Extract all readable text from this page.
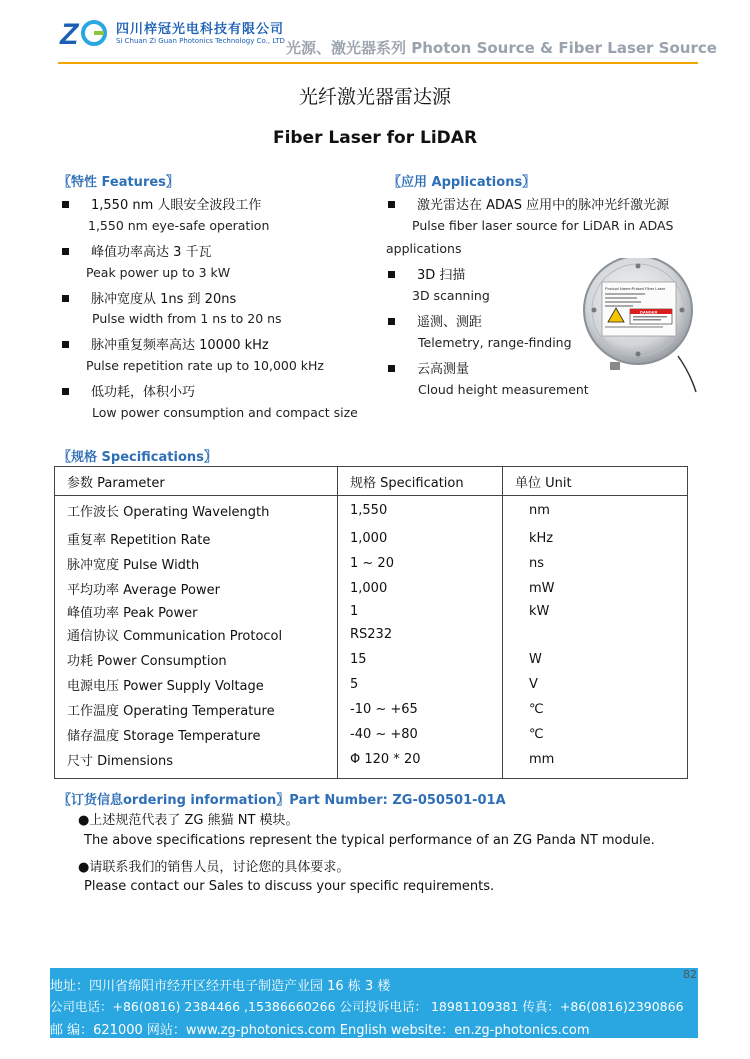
Z	四川梓冠光电科技有限公司
Si Chuan Zi Guan Photonics Technology Co., LTD 光源、激光器系列 Photon Source & Fiber Laser Source
光纤激光器雷达源
Fiber Laser for LiDAR
〖特性 Features〗
1,550 nm 人眼安全波段工作
1,550 nm eye-safe operation
峰值功率高达 3 千瓦
Peak power up to 3 kW
脉冲宽度从 1ns 到 20ns
Pulse width from 1 ns to 20 ns
脉冲重复频率高达 10000 kHz
Pulse repetition rate up to 10,000 kHz
低功耗，体积小巧
Low power consumption and compact size
〖应用 Applications〗
激光雷达在 ADAS 应用中的脉冲光纤激光源
Pulse fiber laser source for LiDAR in ADAS
applications
3D 扫描
3D scanning
遥测、测距
Telemetry, range-finding
云高测量
Cloud height measurement
Product Name:Pulsed Fiber Laser
DANGER
〖规格 Specifications〗
参数 Parameter	规格 Specification	单位 Unit
工作波长 Operating Wavelength	1,550	nm
重复率 Repetition Rate	1,000	kHz
脉冲宽度 Pulse Width	1 ~ 20	ns
平均功率 Average Power	1,000	mW
峰值功率 Peak Power	1	kW
通信协议 Communication Protocol	RS232	
功耗 Power Consumption	15	W
电源电压 Power Supply Voltage	5	V
工作温度 Operating Temperature	-10 ~ +65	℃
储存温度 Storage Temperature	-40 ~ +80	℃
尺寸 Dimensions	Φ 120 * 20	mm
〖订货信息ordering information〗Part Number: ZG-050501-01A
●上述规范代表了 ZG 熊猫 NT 模块。
The above specifications represent the typical performance of an ZG Panda NT module.
●请联系我们的销售人员，讨论您的具体要求。
Please contact our Sales to discuss your specific requirements.
地址：四川省绵阳市经开区经开电子制造产业园 16 栋 3 楼
公司电话：+86(0816) 2384466 ,15386660266 公司投诉电话： 18981109381 传真：+86(0816)2390866
邮 编：621000 网站：www.zg-photonics.com English website：en.zg-photonics.com
82
